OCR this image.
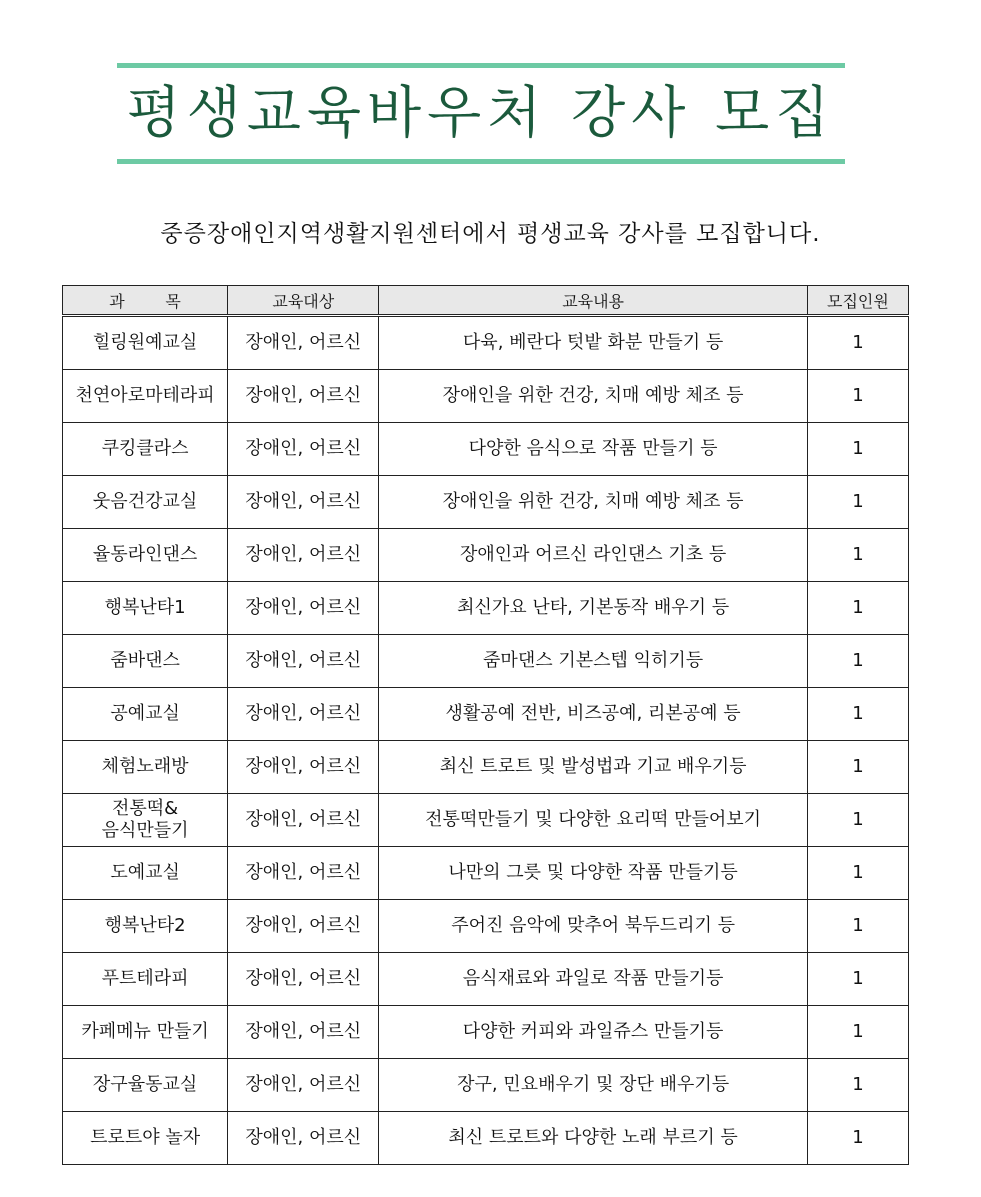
평생교육바우처 강사 모집
중증장애인지역생활지원센터에서 평생교육 강사를 모집합니다.
과        목	교육대상	교육내용	모집인원
힐링원예교실	장애인, 어르신	다육, 베란다 텃밭 화분 만들기 등	1
천연아로마테라피	장애인, 어르신	장애인을 위한 건강, 치매 예방 체조 등	1
쿠킹클라스	장애인, 어르신	다양한 음식으로 작품 만들기 등	1
웃음건강교실	장애인, 어르신	장애인을 위한 건강, 치매 예방 체조 등	1
율동라인댄스	장애인, 어르신	장애인과 어르신 라인댄스 기초 등	1
행복난타1	장애인, 어르신	최신가요 난타, 기본동작 배우기 등	1
줌바댄스	장애인, 어르신	줌마댄스 기본스텝 익히기등	1
공예교실	장애인, 어르신	생활공예 전반, 비즈공예, 리본공예 등	1
체험노래방	장애인, 어르신	최신 트로트 및 발성법과 기교 배우기등	1
전통떡&
음식만들기	장애인, 어르신	전통떡만들기 및 다양한 요리떡 만들어보기	1
도예교실	장애인, 어르신	나만의 그릇 및 다양한 작품 만들기등	1
행복난타2	장애인, 어르신	주어진 음악에 맞추어 북두드리기 등	1
푸트테라피	장애인, 어르신	음식재료와 과일로 작품 만들기등	1
카페메뉴 만들기	장애인, 어르신	다양한 커피와 과일쥬스 만들기등	1
장구율동교실	장애인, 어르신	장구, 민요배우기 및 장단 배우기등	1
트로트야 놀자	장애인, 어르신	최신 트로트와 다양한 노래 부르기 등	1
